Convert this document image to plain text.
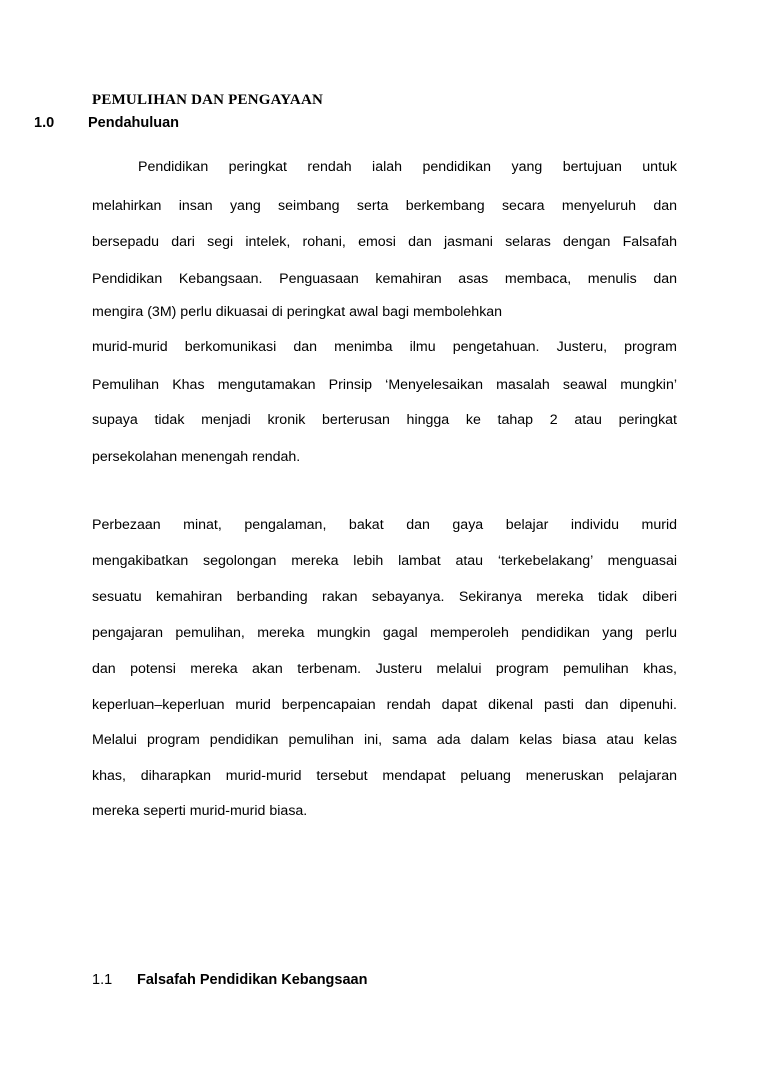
PEMULIHAN DAN PENGAYAAN
1.0 Pendahuluan
Pendidikan peringkat rendah ialah pendidikan yang bertujuan untuk
melahirkan insan yang seimbang serta berkembang secara menyeluruh dan
bersepadu dari segi intelek, rohani, emosi dan jasmani selaras dengan Falsafah
Pendidikan Kebangsaan. Penguasaan kemahiran asas membaca, menulis dan
mengira (3M) perlu dikuasai di peringkat awal bagi membolehkan
murid-murid berkomunikasi dan menimba ilmu pengetahuan. Justeru, program
Pemulihan Khas mengutamakan Prinsip ‘Menyelesaikan masalah seawal mungkin’
supaya tidak menjadi kronik berterusan hingga ke tahap 2 atau peringkat
persekolahan menengah rendah.
Perbezaan minat, pengalaman, bakat dan gaya belajar individu murid
mengakibatkan segolongan mereka lebih lambat atau ‘terkebelakang’ menguasai
sesuatu kemahiran berbanding rakan sebayanya. Sekiranya mereka tidak diberi
pengajaran pemulihan, mereka mungkin gagal memperoleh pendidikan yang perlu
dan potensi mereka akan terbenam. Justeru melalui program pemulihan khas,
keperluan–keperluan murid berpencapaian rendah dapat dikenal pasti dan dipenuhi.
Melalui program pendidikan pemulihan ini, sama ada dalam kelas biasa atau kelas
khas, diharapkan murid-murid tersebut mendapat peluang meneruskan pelajaran
mereka seperti murid-murid biasa.
1.1 Falsafah Pendidikan Kebangsaan
